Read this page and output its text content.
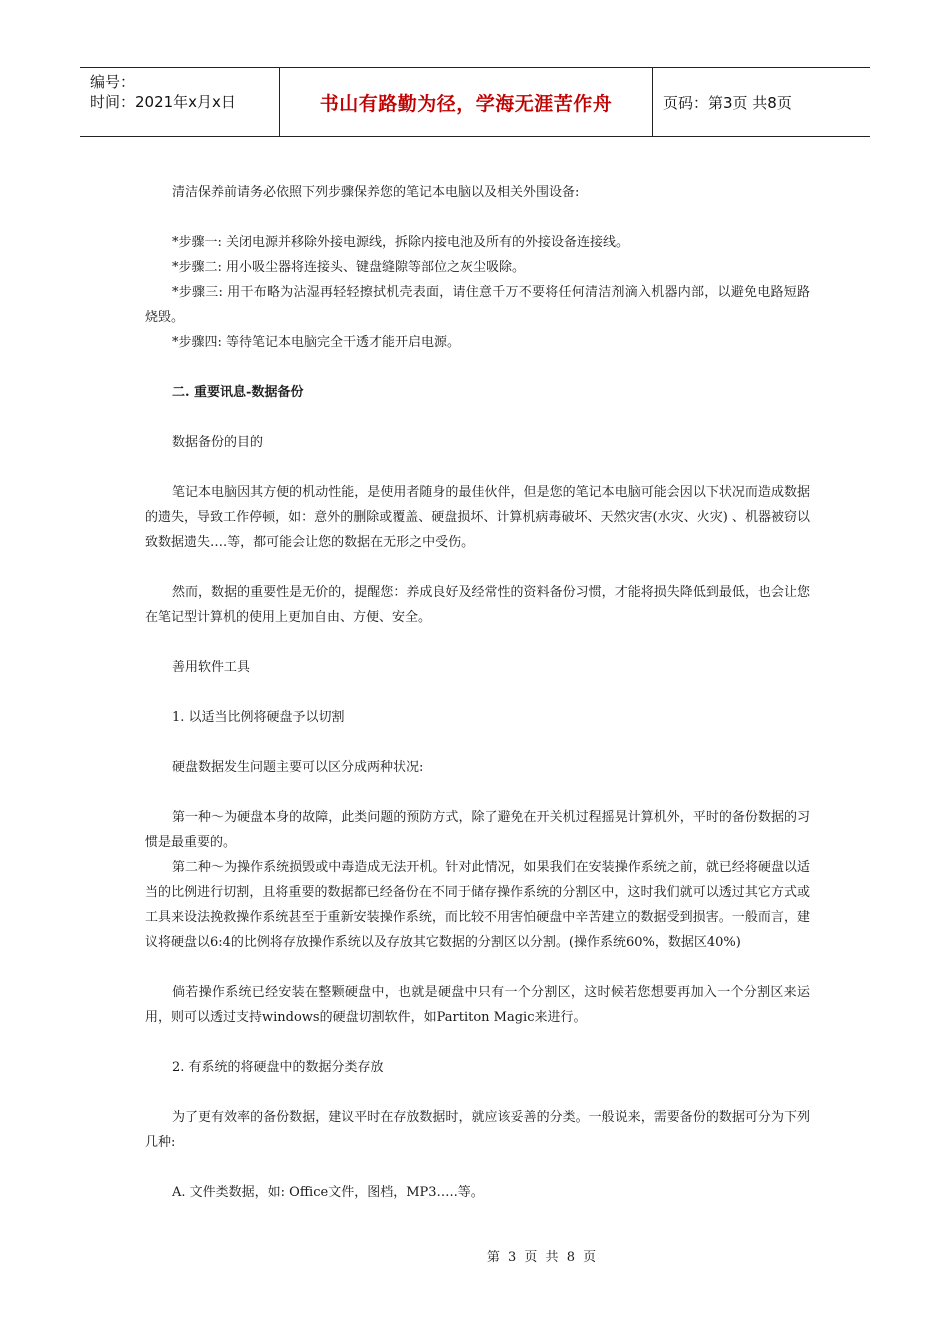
编号：
时间：2021年x月x日	书山有路勤为径，学海无涯苦作舟	页码：第3页 共8页

清洁保养前请务必依照下列步骤保养您的笔记本电脑以及相关外围设备:

*步骤一: 关闭电源并移除外接电源线，拆除内接电池及所有的外接设备连接线。

*步骤二: 用小吸尘器将连接头、键盘缝隙等部位之灰尘吸除。

*步骤三: 用干布略为沾湿再轻轻擦拭机壳表面，请住意千万不要将任何清洁剂滴入机器内部，以避免电路短路烧毁。

*步骤四: 等待笔记本电脑完全干透才能开启电源。

二. 重要讯息-数据备份

数据备份的目的

笔记本电脑因其方便的机动性能，是使用者随身的最佳伙伴，但是您的笔记本电脑可能会因以下状况而造成数据的遗失，导致工作停顿，如：意外的删除或覆盖、硬盘损坏、计算机病毒破坏、天然灾害(水灾、火灾) 、机器被窃以致数据遗失….等，都可能会让您的数据在无形之中受伤。

然而，数据的重要性是无价的，提醒您：养成良好及经常性的资料备份习惯，才能将损失降低到最低，也会让您在笔记型计算机的使用上更加自由、方便、安全。

善用软件工具

1. 以适当比例将硬盘予以切割

硬盘数据发生问题主要可以区分成两种状况:

第一种～为硬盘本身的故障，此类问题的预防方式，除了避免在开关机过程摇晃计算机外，平时的备份数据的习惯是最重要的。

第二种～为操作系统损毁或中毒造成无法开机。针对此情况，如果我们在安装操作系统之前，就已经将硬盘以适当的比例进行切割，且将重要的数据都已经备份在不同于储存操作系统的分割区中，这时我们就可以透过其它方式或工具来设法挽救操作系统甚至于重新安装操作系统，而比较不用害怕硬盘中辛苦建立的数据受到损害。一般而言，建议将硬盘以6:4的比例将存放操作系统以及存放其它数据的分割区以分割。(操作系统60%，数据区40%)

倘若操作系统已经安装在整颗硬盘中，也就是硬盘中只有一个分割区，这时候若您想要再加入一个分割区来运用，则可以透过支持windows的硬盘切割软件，如Partiton Magic来进行。

2. 有系统的将硬盘中的数据分类存放

为了更有效率的备份数据，建议平时在存放数据时，就应该妥善的分类。一般说来，需要备份的数据可分为下列几种:

A. 文件类数据，如: Office文件，图档，MP3…..等。

第 3 页 共 8 页
